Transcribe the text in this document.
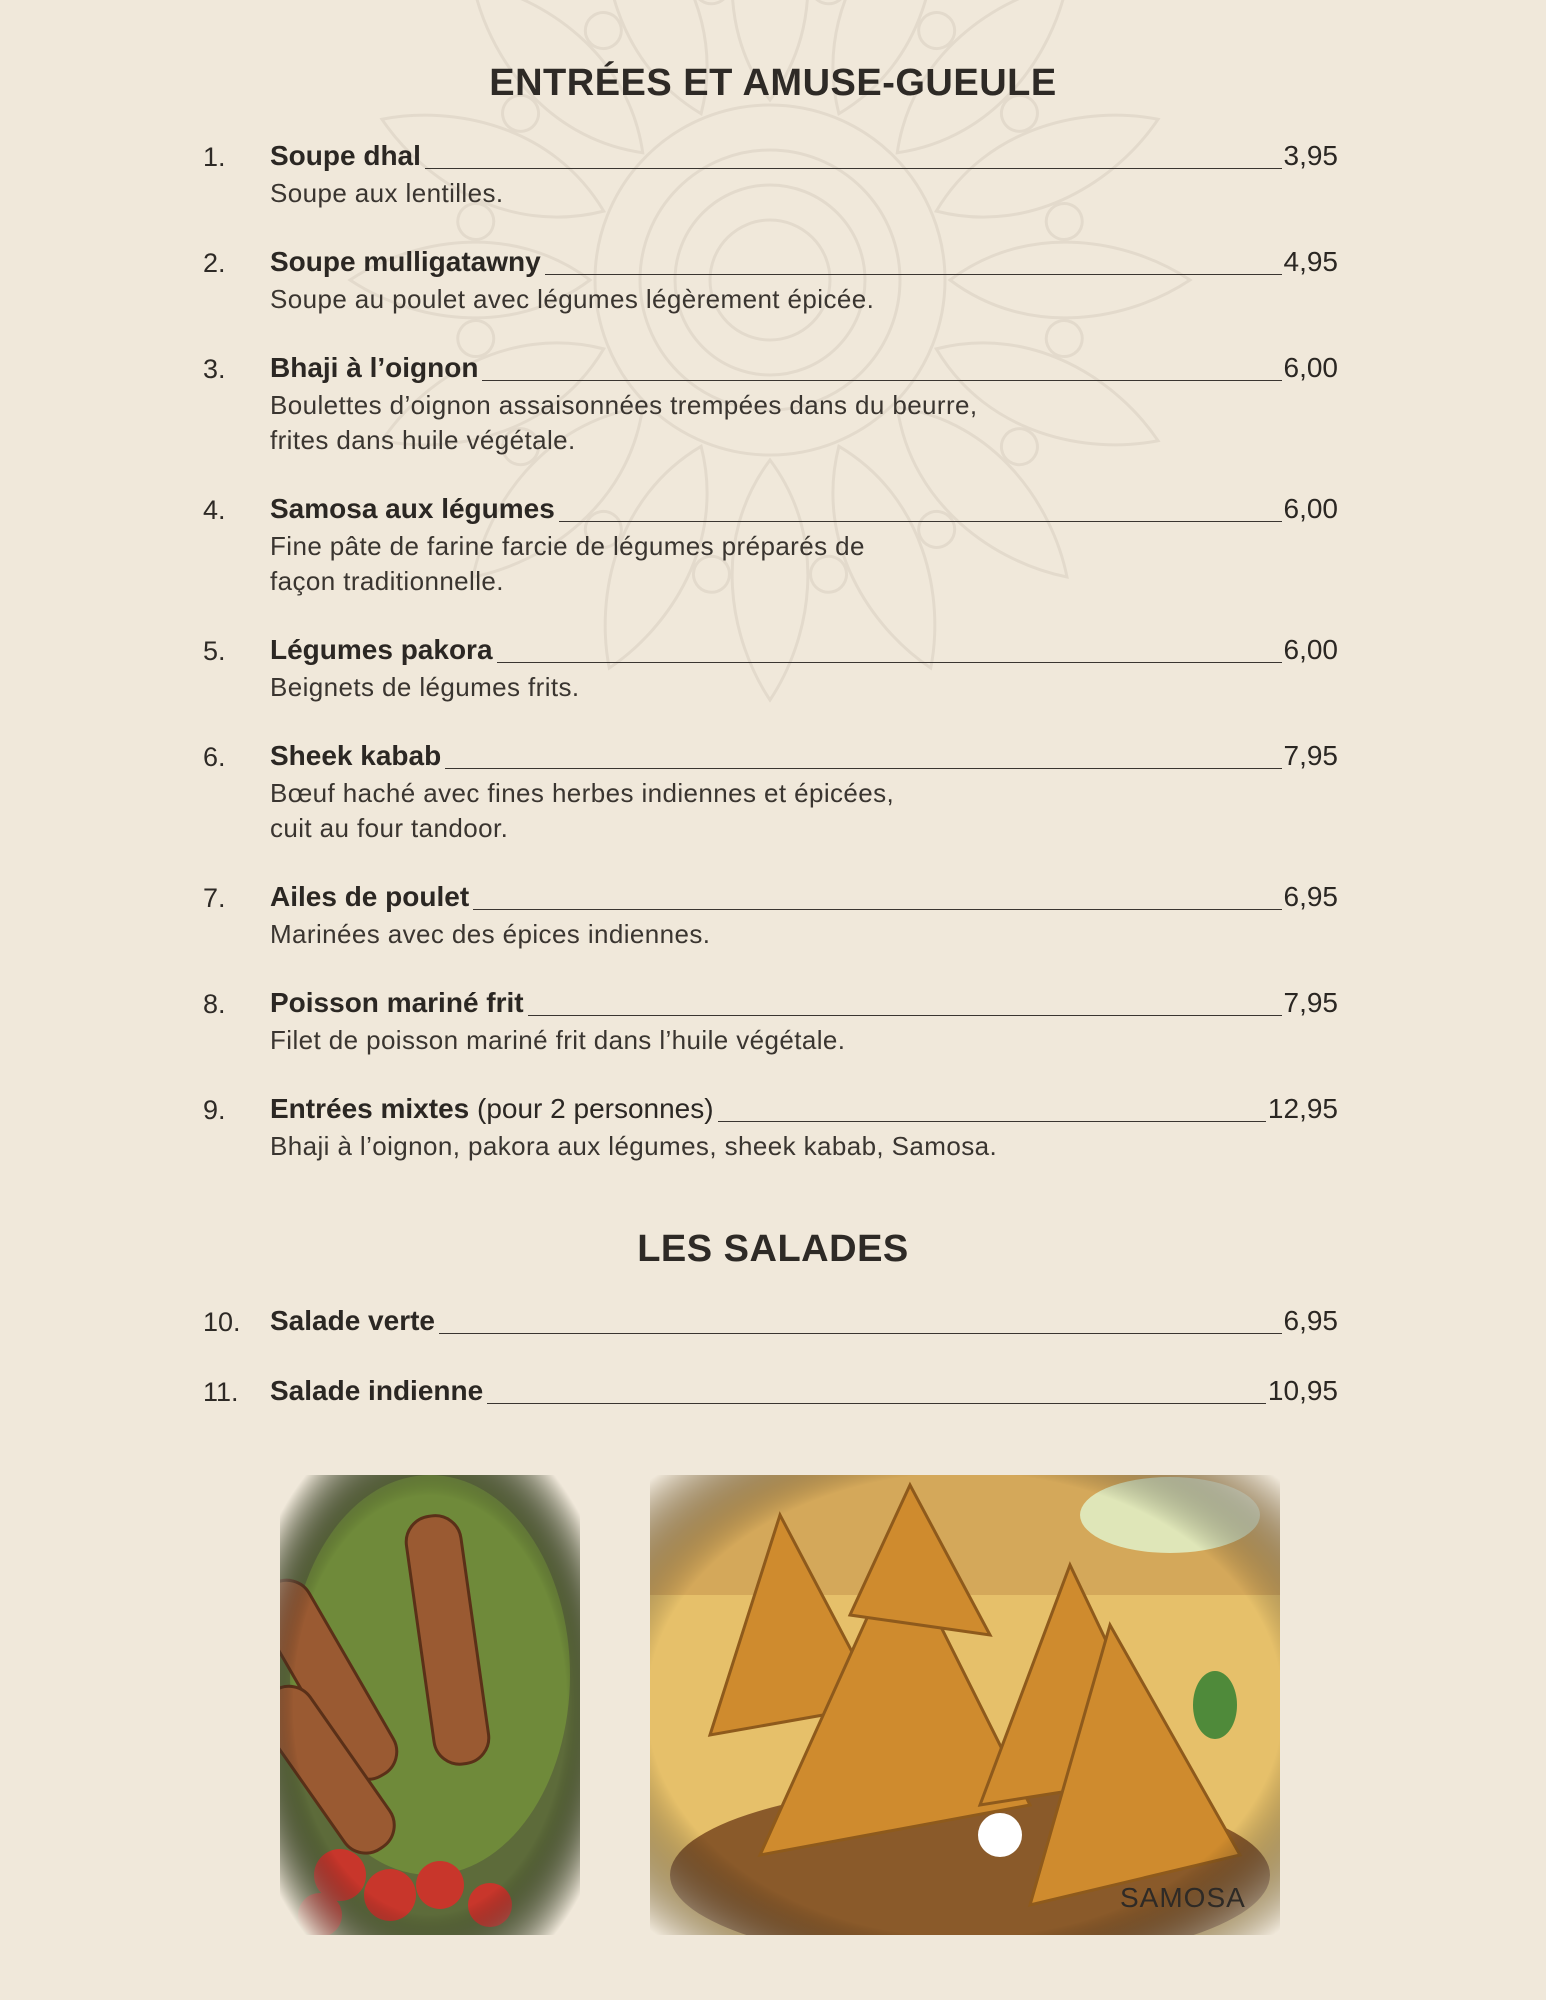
ENTRÉES ET AMUSE-GUEULE
1. Soupe dhal	3,95
Soupe aux lentilles.
2. Soupe mulligatawny	4,95
Soupe au poulet avec légumes légèrement épicée.
3. Bhaji à l’oignon	6,00
Boulettes d’oignon assaisonnées trempées dans du beurre,
frites dans huile végétale.
4. Samosa aux légumes	6,00
Fine pâte de farine farcie de légumes préparés de
façon traditionnelle.
5. Légumes pakora	6,00
Beignets de légumes frits.
6. Sheek kabab	7,95
Bœuf haché avec fines herbes indiennes et épicées,
cuit au four tandoor.
7. Ailes de poulet	6,95
Marinées avec des épices indiennes.
8. Poisson mariné frit	7,95
Filet de poisson mariné frit dans l’huile végétale.
9. Entrées mixtes (pour 2 personnes)	12,95
Bhaji à l’oignon, pakora aux légumes, sheek kabab, Samosa.
LES SALADES
10. Salade verte	6,95
11. Salade indienne	10,95
SAMOSA
